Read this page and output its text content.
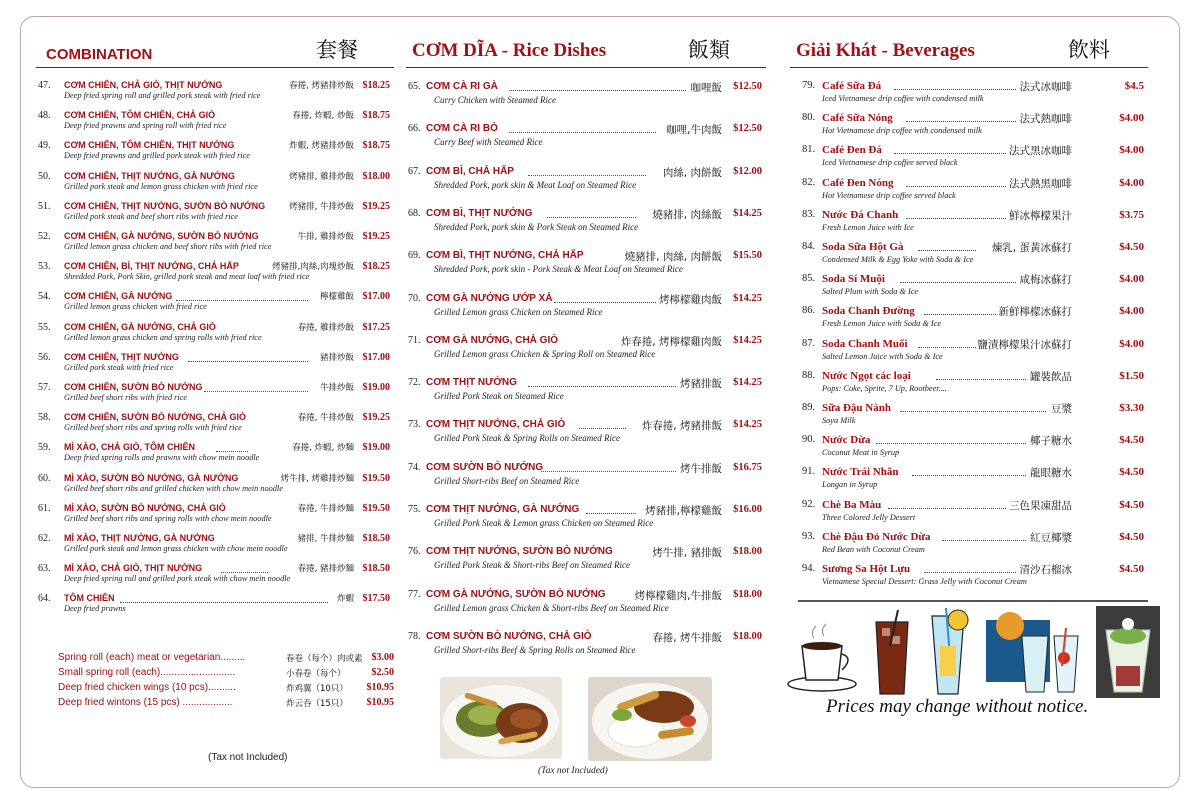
COMBINATION	套餐
47. CƠM CHIÊN, CHẢ GIÒ, THỊT NƯỚNG	春捲, 烤豬排炒飯 $18.25
Deep fried spring roll and grilled pork steak with fried rice
48. CƠM CHIÊN, TÔM CHIÊN, CHẢ GIÒ	春捲, 炸蝦, 炒飯 $18.75
Deep fried prawns and spring roll with fried rice
49. CƠM CHIÊN, TÔM CHIÊN, THỊT NƯỚNG	炸蝦, 烤豬排炒飯 $18.75
Deep fried prawns and grilled pork steak with fried rice
50. CƠM CHIÊN, THỊT NƯỚNG, GÀ NƯỚNG	烤豬排, 雞排炒飯 $18.00
Grilled pork steak and lemon grass chicken with fried rice
51. CƠM CHIÊN, THỊT NƯỚNG, SƯỜN BÒ NƯỚNG	烤豬排, 牛排炒飯 $19.25
Grilled pork steak and beef short ribs with fried rice
52. CƠM CHIÊN, GÀ NƯỚNG, SƯỜN BÒ NƯỚNG	牛排, 雞排炒飯 $19.25
Grilled lemon grass chicken and beef short ribs with fried rice
53. CƠM CHIÊN, BÌ, THỊT NƯỚNG, CHẢ HẤP	烤豬排,肉絲,肉塊炒飯 $18.25
Shredded Pork, Pork Skin, grilled pork steak and meat loaf with fried rice
54. CƠM CHIÊN, GÀ NƯỚNG	檸檬雞飯 $17.00
Grilled lemon grass chicken with fried rice
55. CƠM CHIÊN, GÀ NƯỚNG, CHẢ GIÒ	春捲, 雞排炒飯 $17.25
Grilled lemon grass chicken and spring rolls with fried rice
56. CƠM CHIÊN, THỊT NƯỚNG	豬排炒飯 $17.00
Grilled pork steak with fried rice
57. CƠM CHIÊN, SƯỜN BÒ NƯỚNG	牛排炒飯 $19.00
Grilled beef short ribs with fried rice
58. CƠM CHIÊN, SƯỜN BÒ NƯỚNG, CHẢ GIÒ	春捲, 牛排炒飯 $19.25
Grilled beef short ribs and spring rolls with fried rice
59. MÌ XÀO, CHẢ GIÒ, TÔM CHIÊN	春捲, 炸蝦, 炒麵 $19.00
Deep fried spring rolls and prawns with chow mein noodle
60. MÌ XÀO, SƯỜN BÒ NƯỚNG, GÀ NƯỚNG	烤牛排, 烤雞排炒麵 $19.50
Grilled beef short ribs and grilled chicken with chow mein noodle
61. MÌ XÀO, SƯỜN BÒ NƯỚNG, CHẢ GIÒ	春捲, 牛排炒麵 $19.50
Grilled beef short ribs and spring rolls with chow mein noodle
62. MÌ XÀO, THỊT NƯỚNG, GÀ NƯỚNG	豬排, 牛排炒麵 $18.50
Grilled pork steak and lemon grass chicken with chow mein noodle
63. MÌ XÀO, CHẢ GIÒ, THỊT NƯỚNG	春捲, 豬排炒麵 $18.50
Deep fried spring roll and grilled pork steak with chow mein noodle
64. TÔM CHIÊN	炸蝦 $17.50
Deep fried prawns
Spring roll (each) meat or vegetarian.........	春卷（每个）肉或素 $3.00
Small spring roll (each)...........................	小春卷（每个）	$2.50
Deep fried chicken wings (10 pcs)..........	炸鸡翼（10只） $10.95
Deep fried wintons (15 pcs) ..................	炸云吞（15只） $10.95
(Tax not Included)
CƠM DĨA - Rice Dishes	飯類
65. CƠM CÀ RI GÀ	咖哩飯 $12.50
Curry Chicken with Steamed Rice
66. CƠM CÀ RI BÒ	咖哩,牛肉飯 $12.50
Curry Beef with Steamed Rice
67. CƠM BÌ, CHẢ HẤP	肉絲, 肉餅飯 $12.00
Shredded Pork, pork skin & Meat Loaf on Steamed Rice
68. CƠM BÌ, THỊT NƯỚNG	燒豬排, 肉絲飯 $14.25
Shredded Pork, pork skin & Pork Steak on Steamed Rice
69. CƠM BÌ, THỊT NƯỚNG, CHẢ HẤP	燒豬排, 肉絲, 肉餅飯 $15.50
Shredded Pork, pork skin - Pork Steak & Meat Loaf on Steamed Rice
70. CƠM GÀ NƯỚNG ƯỚP XẢ	烤檸檬雞肉飯 $14.25
Grilled Lemon grass Chicken on Steamed Rice
71. CƠM GÀ NƯỚNG, CHẢ GIÒ	炸春捲, 烤檸檬雞肉飯 $14.25
Grilled Lemon grass Chicken & Spring Roll on Steamed Rice
72. CƠM THỊT NƯỚNG	烤豬排飯 $14.25
Grilled Pork Steak on Steamed Rice
73. CƠM THỊT NƯỚNG, CHẢ GIÒ	炸春捲, 烤豬排飯 $14.25
Grilled Pork Steak & Spring Rolls on Steamed Rice
74. CƠM SƯỜN BÒ NƯỚNG	烤牛排飯 $16.75
Grilled Short-ribs Beef on Steamed Rice
75. CƠM THỊT NƯỚNG, GÀ NƯỚNG	烤豬排,檸檬雞飯 $16.00
Grilled Pork Steak & Lemon grass Chicken on Steamed Rice
76. CƠM THỊT NƯỚNG, SƯỜN BÒ NƯỚNG	烤牛排, 豬排飯 $18.00
Grilled Pork Steak & Short-ribs Beef on Steamed Rice
77. CƠM GÀ NƯỚNG, SƯỜN BÒ NƯỚNG	烤檸檬雞肉,牛排飯 $18.00
Grilled Lemon grass Chicken & Short-ribs Beef on Steamed Rice
78. CƠM SƯỜN BÒ NƯỚNG, CHẢ GIÒ	春捲, 烤牛排飯 $18.00
Grilled Short-ribs Beef & Spring Rolls on Steamed Rice
(Tax not Included)
Giải Khát - Beverages	飲料
79. Café Sữa Đá	法式冰咖啡	$4.5
Iced Vietnamese drip coffee with condensed milk
80. Café Sữa Nóng	法式熱咖啡	$4.00
Hot Vietnamese drip coffee with condensed milk
81. Café Đen Đá	法式黑冰咖啡	$4.00
Iced Vietnamese drip coffee served black
82. Café Đen Nóng	法式熱黑咖啡	$4.00
Hot Vietnamese drip coffee served black
83. Nước Đá Chanh	鮮冰檸檬果汁	$3.75
Fresh Lemon Juice with Ice
84. Soda Sữa Hột Gà	煉乳, 蛋黃冰蘇打	$4.50
Condensed Milk & Egg Yoke with Soda & Ice
85. Soda Sí Muội	咸梅冰蘇打	$4.00
Salted Plum with Soda & Ice
86. Soda Chanh Đường	新鮮檸檬冰蘇打	$4.00
Fresh Lemon Juice with Soda & Ice
87. Soda Chanh Muối	鹽漬檸檬果汁冰蘇打	$4.00
Salted Lemon Juice with Soda & Ice
88. Nước Ngọt các loại	罐裝飲品	$1.50
Pops: Coke, Sprite, 7 Up, Rootbeer....
89. Sữa Đậu Nành	豆漿	$3.30
Soya Milk
90. Nước Dừa	椰子糖水	$4.50
Coconut Meat in Syrup
91. Nước Trái Nhãn	龍眼糖水	$4.50
Longan in Syrup
92. Chè Ba Màu	三色果凍甜品	$4.50
Three Colored Jelly Dessert
93. Chè Đậu Đỏ Nước Dừa	紅豆椰漿	$4.50
Red Bean with Coconut Cream
94. Sương Sa Hột Lựu	清沙石榴冰	$4.50
Vietnamese Special Dessert: Grass Jelly with Coconut Cream
Prices may change without notice.
